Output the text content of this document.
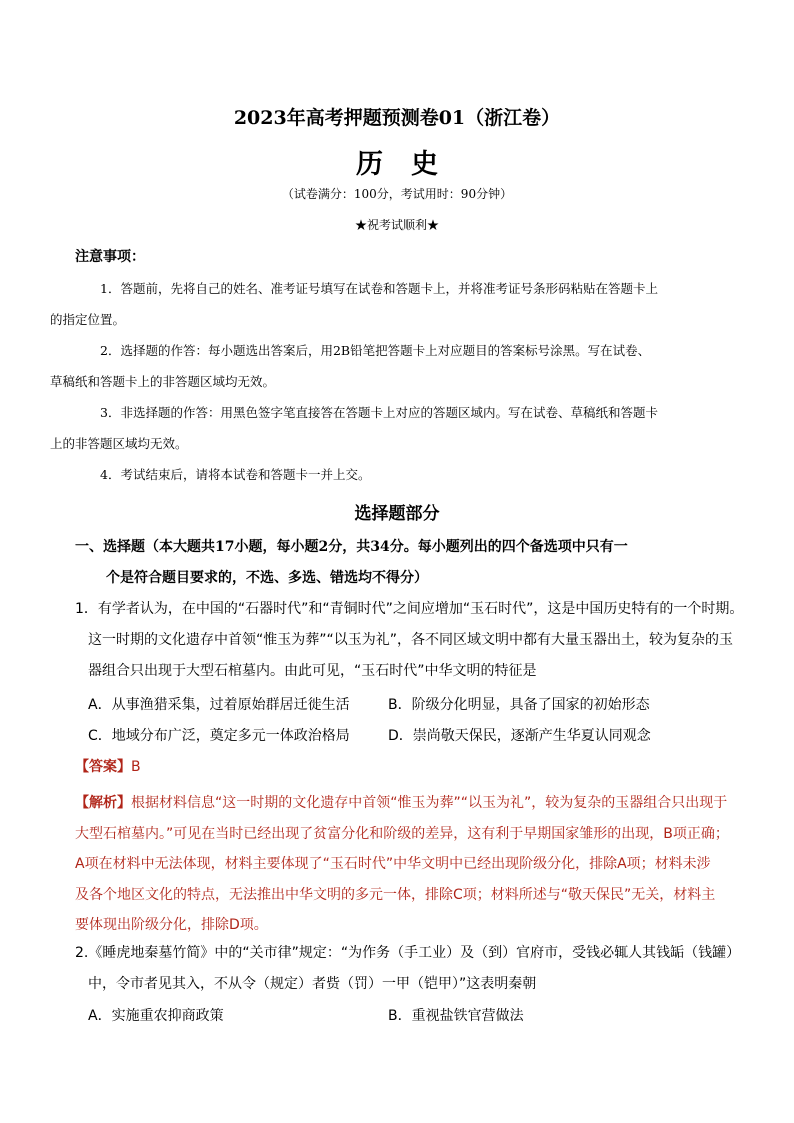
2023年高考押题预测卷01（浙江卷）
历史
（试卷满分：100分，考试用时：90分钟）
★祝考试顺利★
注意事项：

1．答题前，先将自己的姓名、准考证号填写在试卷和答题卡上，并将准考证号条形码粘贴在答题卡上
的指定位置。

2．选择题的作答：每小题选出答案后，用2B铅笔把答题卡上对应题目的答案标号涂黑。写在试卷、
草稿纸和答题卡上的非答题区域均无效。

3．非选择题的作答：用黑色签字笔直接答在答题卡上对应的答题区域内。写在试卷、草稿纸和答题卡
上的非答题区域均无效。

4．考试结束后，请将本试卷和答题卡一并上交。

选择题部分
一、选择题（本大题共17小题，每小题2分，共34分。每小题列出的四个备选项中只有一
个是符合题目要求的，不选、多选、错选均不得分）
1．有学者认为，在中国的“石器时代”和“青铜时代”之间应增加“玉石时代”，这是中国历史特有的一个时期。
这一时期的文化遗存中首领“惟玉为葬”“以玉为礼”，各不同区域文明中都有大量玉器出土，较为复杂的玉
器组合只出现于大型石棺墓内。由此可见，“玉石时代”中华文明的特征是
A．从事渔猎采集，过着原始群居迁徙生活	B．阶级分化明显，具备了国家的初始形态
C．地域分布广泛，奠定多元一体政治格局	D．崇尚敬天保民，逐渐产生华夏认同观念
【答案】B
【解析】根据材料信息“这一时期的文化遗存中首领“惟玉为葬”“以玉为礼”，较为复杂的玉器组合只出现于
大型石棺墓内。”可见在当时已经出现了贫富分化和阶级的差异，这有利于早期国家雏形的出现，B项正确；
A项在材料中无法体现，材料主要体现了“玉石时代”中华文明中已经出现阶级分化，排除A项；材料未涉
及各个地区文化的特点，无法推出中华文明的多元一体，排除C项；材料所述与“敬天保民”无关，材料主
要体现出阶级分化，排除D项。
2.《睡虎地秦墓竹简》中的“关市律”规定：“为作务（手工业）及（到）官府市，受钱必辄人其钱缿（钱罐）
中，令市者见其入，不从令（规定）者赀（罚）一甲（铠甲）”这表明秦朝
A．实施重农抑商政策	B．重视盐铁官营做法
